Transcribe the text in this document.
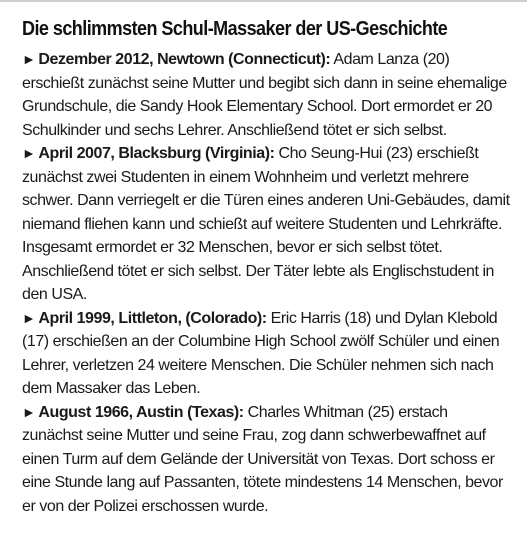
Die schlimmsten Schul-Massaker der US-Geschichte

► Dezember 2012, Newtown (Connecticut): Adam Lanza (20) erschießt zunächst seine Mutter und begibt sich dann in seine ehemalige Grundschule, die Sandy Hook Elementary School. Dort ermordet er 20 Schulkinder und sechs Lehrer. Anschließend tötet er sich selbst.

► April 2007, Blacksburg (Virginia): Cho Seung-Hui (23) erschießt zunächst zwei Studenten in einem Wohnheim und verletzt mehrere schwer. Dann verriegelt er die Türen eines anderen Uni-Gebäudes, damit niemand fliehen kann und schießt auf weitere Studenten und Lehrkräfte. Insgesamt ermordet er 32 Menschen, bevor er sich selbst tötet. Anschließend tötet er sich selbst. Der Täter lebte als Englischstudent in den USA.

► April 1999, Littleton, (Colorado): Eric Harris (18) und Dylan Klebold (17) erschießen an der Columbine High School zwölf Schüler und einen Lehrer, verletzen 24 weitere Menschen. Die Schüler nehmen sich nach dem Massaker das Leben.

► August 1966, Austin (Texas): Charles Whitman (25) erstach zunächst seine Mutter und seine Frau, zog dann schwerbewaffnet auf einen Turm auf dem Gelände der Universität von Texas. Dort schoss er eine Stunde lang auf Passanten, tötete mindestens 14 Menschen, bevor er von der Polizei erschossen wurde.
